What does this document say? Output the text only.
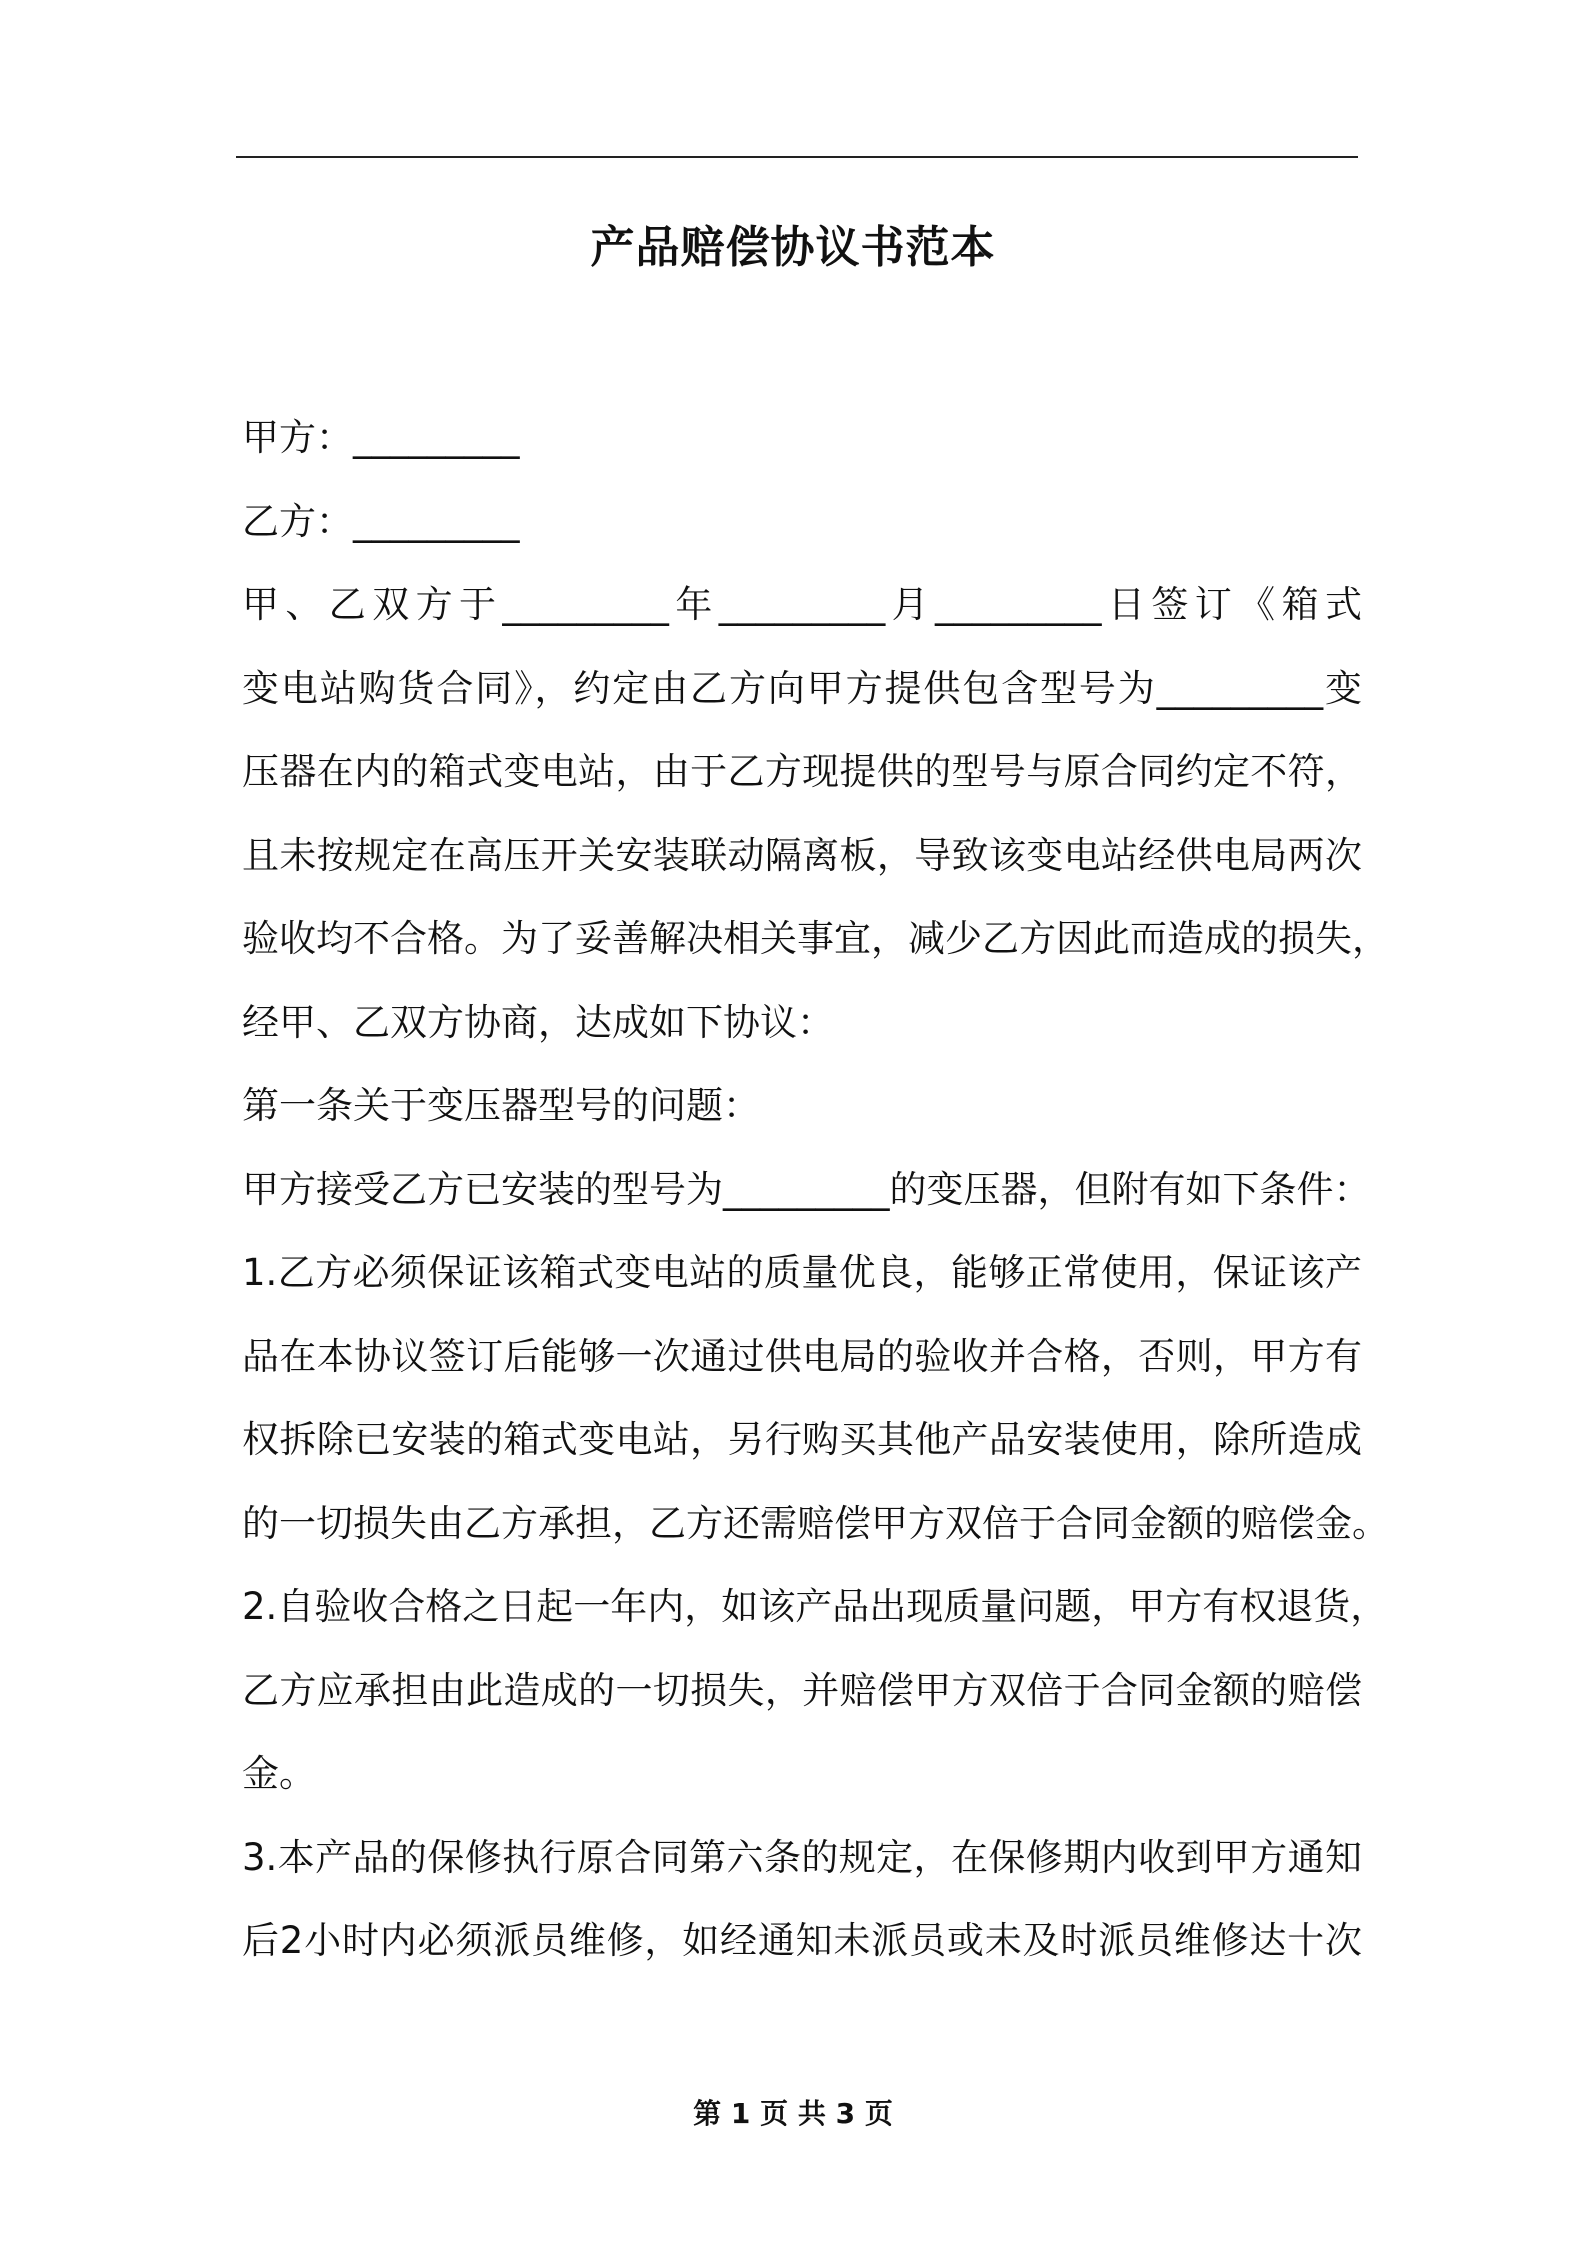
产品赔偿协议书范本
甲方：_________
乙方：_________
甲、乙双方于_________年_________月_________日签订《箱式
变电站购货合同》，约定由乙方向甲方提供包含型号为_________变
压器在内的箱式变电站，由于乙方现提供的型号与原合同约定不符，
且未按规定在高压开关安装联动隔离板，导致该变电站经供电局两次
验收均不合格。为了妥善解决相关事宜，减少乙方因此而造成的损失，
经甲、乙双方协商，达成如下协议：
第一条关于变压器型号的问题：
甲方接受乙方已安装的型号为_________的变压器，但附有如下条件：
1.乙方必须保证该箱式变电站的质量优良，能够正常使用，保证该产
品在本协议签订后能够一次通过供电局的验收并合格，否则，甲方有
权拆除已安装的箱式变电站，另行购买其他产品安装使用，除所造成
的一切损失由乙方承担，乙方还需赔偿甲方双倍于合同金额的赔偿金。
2.自验收合格之日起一年内，如该产品出现质量问题，甲方有权退货，
乙方应承担由此造成的一切损失，并赔偿甲方双倍于合同金额的赔偿
金。
3.本产品的保修执行原合同第六条的规定，在保修期内收到甲方通知
后2小时内必须派员维修，如经通知未派员或未及时派员维修达十次
第 1 页 共 3 页
